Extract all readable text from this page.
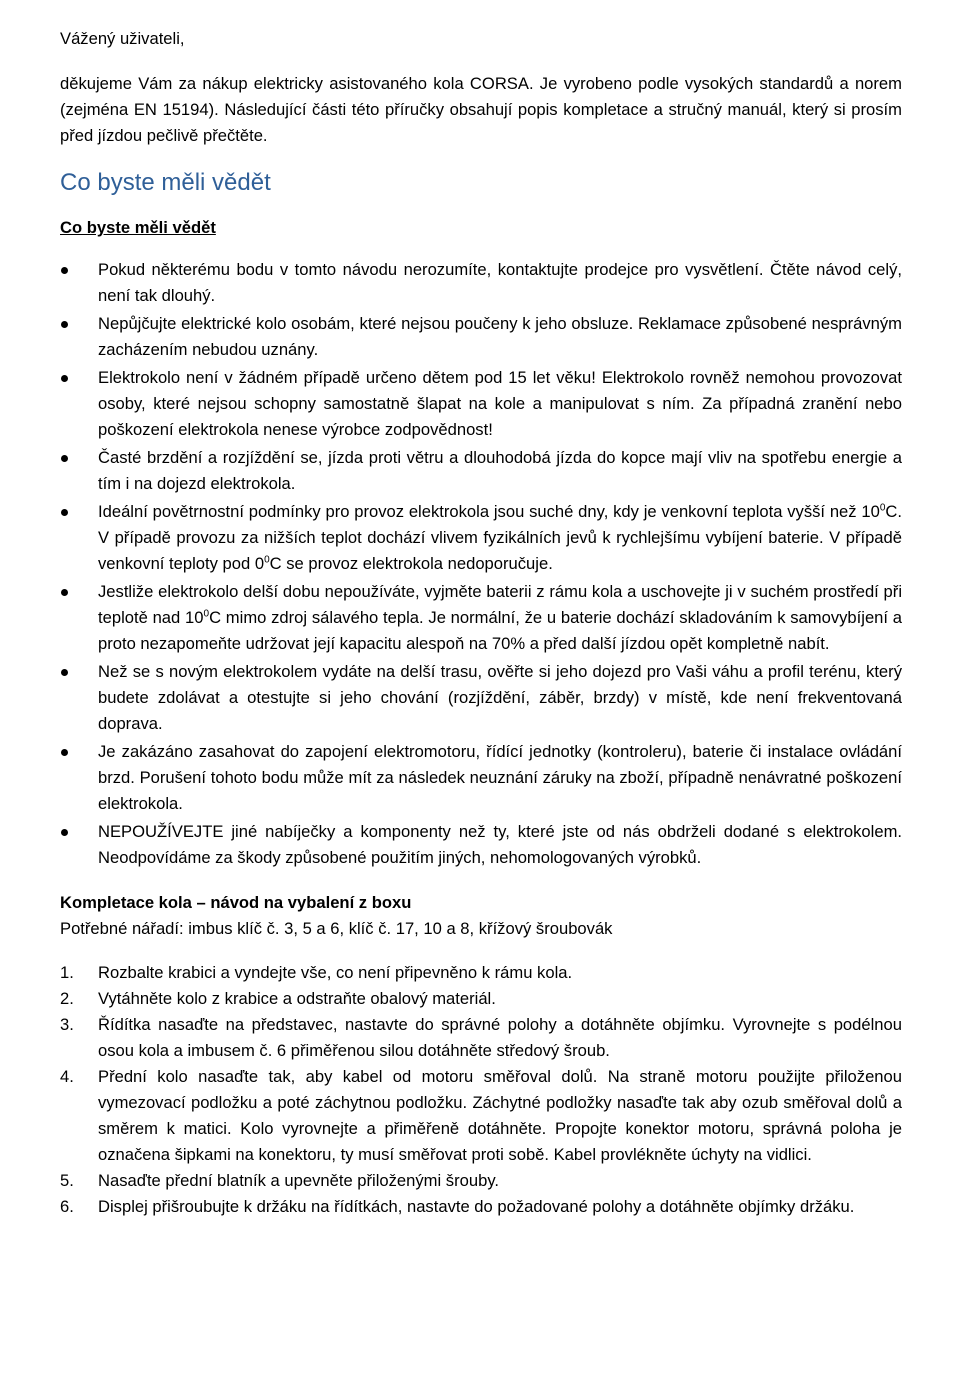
Vážený uživateli,

děkujeme Vám za nákup elektricky asistovaného kola CORSA. Je vyrobeno podle vysokých standardů a norem (zejména EN 15194). Následující části této příručky obsahují popis kompletace a stručný manuál, který si prosím před jízdou pečlivě přečtěte.

Co byste měli vědět

Co byste měli vědět

Pokud některému bodu v tomto návodu nerozumíte, kontaktujte prodejce pro vysvětlení. Čtěte návod celý, není tak dlouhý.
Nepůjčujte elektrické kolo osobám, které nejsou poučeny k jeho obsluze. Reklamace způsobené nesprávným zacházením nebudou uznány.
Elektrokolo není v žádném případě určeno dětem pod 15 let věku! Elektrokolo rovněž nemohou provozovat osoby, které nejsou schopny samostatně šlapat na kole a manipulovat s ním. Za případná zranění nebo poškození elektrokola nenese výrobce zodpovědnost!
Časté brzdění a rozjíždění se, jízda proti větru a dlouhodobá jízda do kopce mají vliv na spotřebu energie a tím i na dojezd elektrokola.
Ideální povětrnostní podmínky pro provoz elektrokola jsou suché dny, kdy je venkovní teplota vyšší než $10^0C$. V případě provozu za nižších teplot dochází vlivem fyzikálních jevů k rychlejšímu vybíjení baterie. V případě venkovní teploty pod $0^0C$ se provoz elektrokola nedoporučuje.
Jestliže elektrokolo delší dobu nepoužíváte, vyjměte baterii z rámu kola a uschovejte ji v suchém prostředí při teplotě nad $10^0C$ mimo zdroj sálavého tepla. Je normální, že u baterie dochází skladováním k samovybíjení a proto nezapomeňte udržovat její kapacitu alespoň na 70% a před další jízdou opět kompletně nabít.
Než se s novým elektrokolem vydáte na delší trasu, ověřte si jeho dojezd pro Vaši váhu a profil terénu, který budete zdolávat a otestujte si jeho chování (rozjíždění, záběr, brzdy) v místě, kde není frekventovaná doprava.
Je zakázáno zasahovat do zapojení elektromotoru, řídící jednotky (kontroleru), baterie či instalace ovládání brzd. Porušení tohoto bodu může mít za následek neuznání záruky na zboží, případně nenávratné poškození elektrokola.
NEPOUŽÍVEJTE jiné nabíječky a komponenty než ty, které jste od nás obdrželi dodané s elektrokolem. Neodpovídáme za škody způsobené použitím jiných, nehomologovaných výrobků.

Kompletace kola – návod na vybalení z boxu

Potřebné nářadí: imbus klíč č. 3, 5 a 6, klíč č. 17, 10 a 8, křížový šroubovák

1. Rozbalte krabici a vyndejte vše, co není připevněno k rámu kola.
2. Vytáhněte kolo z krabice a odstraňte obalový materiál.
3. Řídítka nasaďte na představec, nastavte do správné polohy a dotáhněte objímku. Vyrovnejte s podélnou osou kola a imbusem č. 6 přiměřenou silou dotáhněte středový šroub.
4. Přední kolo nasaďte tak, aby kabel od motoru směřoval dolů. Na straně motoru použijte přiloženou vymezovací podložku a poté záchytnou podložku. Záchytné podložky nasaďte tak aby ozub směřoval dolů a směrem k matici. Kolo vyrovnejte a přiměřeně dotáhněte. Propojte konektor motoru, správná poloha je označena šipkami na konektoru, ty musí směřovat proti sobě. Kabel provlékněte úchyty na vidlici.
5. Nasaďte přední blatník a upevněte přiloženými šrouby.
6. Displej přišroubujte k držáku na řídítkách, nastavte do požadované polohy a dotáhněte objímky držáku.
